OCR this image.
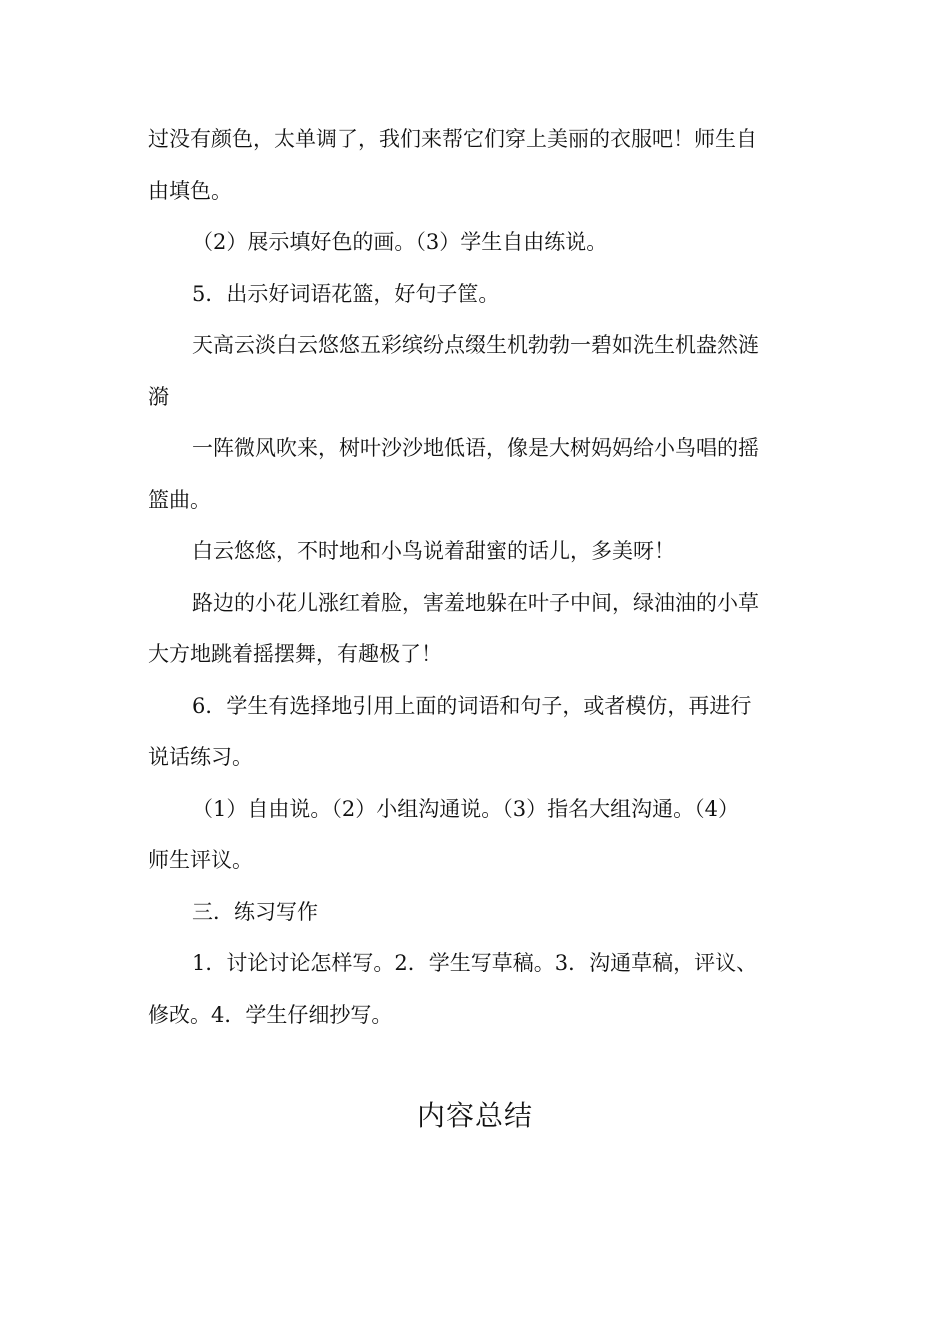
过没有颜色，太单调了，我们来帮它们穿上美丽的衣服吧！师生自
由填色。
（2）展示填好色的画。（3）学生自由练说。
5．出示好词语花篮，好句子筐。
天高云淡白云悠悠五彩缤纷点缀生机勃勃一碧如洗生机盎然涟
漪
一阵微风吹来，树叶沙沙地低语，像是大树妈妈给小鸟唱的摇
篮曲。
白云悠悠，不时地和小鸟说着甜蜜的话儿，多美呀！
路边的小花儿涨红着脸，害羞地躲在叶子中间，绿油油的小草
大方地跳着摇摆舞，有趣极了！
6．学生有选择地引用上面的词语和句子，或者模仿，再进行
说话练习。
（1）自由说。（2）小组沟通说。（3）指名大组沟通。（4）
师生评议。
三．练习写作
1．讨论讨论怎样写。2．学生写草稿。3．沟通草稿，评议、
修改。4．学生仔细抄写。
内容总结
